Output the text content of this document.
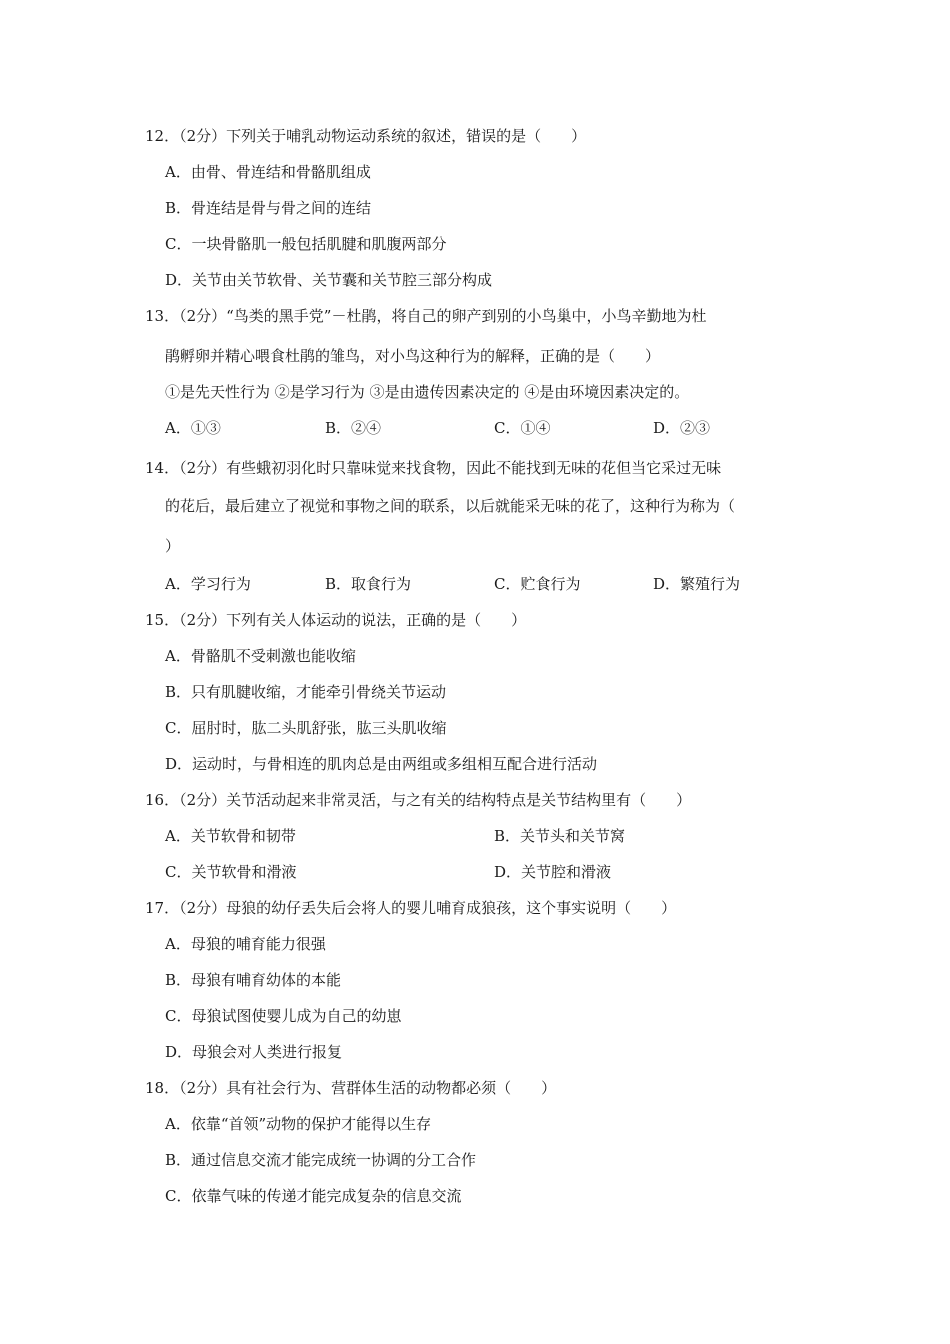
12．（2分）下列关于哺乳动物运动系统的叙述，错误的是（　　）
A．由骨、骨连结和骨骼肌组成
B．骨连结是骨与骨之间的连结
C．一块骨骼肌一般包括肌腱和肌腹两部分
D．关节由关节软骨、关节囊和关节腔三部分构成
13．（2分）“鸟类的黑手党”－杜鹃，将自己的卵产到别的小鸟巢中，小鸟辛勤地为杜
鹃孵卵并精心喂食杜鹃的雏鸟，对小鸟这种行为的解释，正确的是（　　）
①是先天性行为 ②是学习行为 ③是由遗传因素决定的 ④是由环境因素决定的。
A．①③	B．②④	C．①④	D．②③
14．（2分）有些蛾初羽化时只靠味觉来找食物，因此不能找到无味的花但当它采过无味
的花后，最后建立了视觉和事物之间的联系，以后就能采无味的花了，这种行为称为（
）
A．学习行为	B．取食行为	C．贮食行为	D．繁殖行为
15．（2分）下列有关人体运动的说法，正确的是（　　）
A．骨骼肌不受刺激也能收缩
B．只有肌腱收缩，才能牵引骨绕关节运动
C．屈肘时，肱二头肌舒张，肱三头肌收缩
D．运动时，与骨相连的肌肉总是由两组或多组相互配合进行活动
16．（2分）关节活动起来非常灵活，与之有关的结构特点是关节结构里有（　　）
A．关节软骨和韧带	B．关节头和关节窝
C．关节软骨和滑液	D．关节腔和滑液
17．（2分）母狼的幼仔丢失后会将人的婴儿哺育成狼孩，这个事实说明（　　）
A．母狼的哺育能力很强
B．母狼有哺育幼体的本能
C．母狼试图使婴儿成为自己的幼崽
D．母狼会对人类进行报复
18．（2分）具有社会行为、营群体生活的动物都必须（　　）
A．依靠“首领”动物的保护才能得以生存
B．通过信息交流才能完成统一协调的分工合作
C．依靠气味的传递才能完成复杂的信息交流
